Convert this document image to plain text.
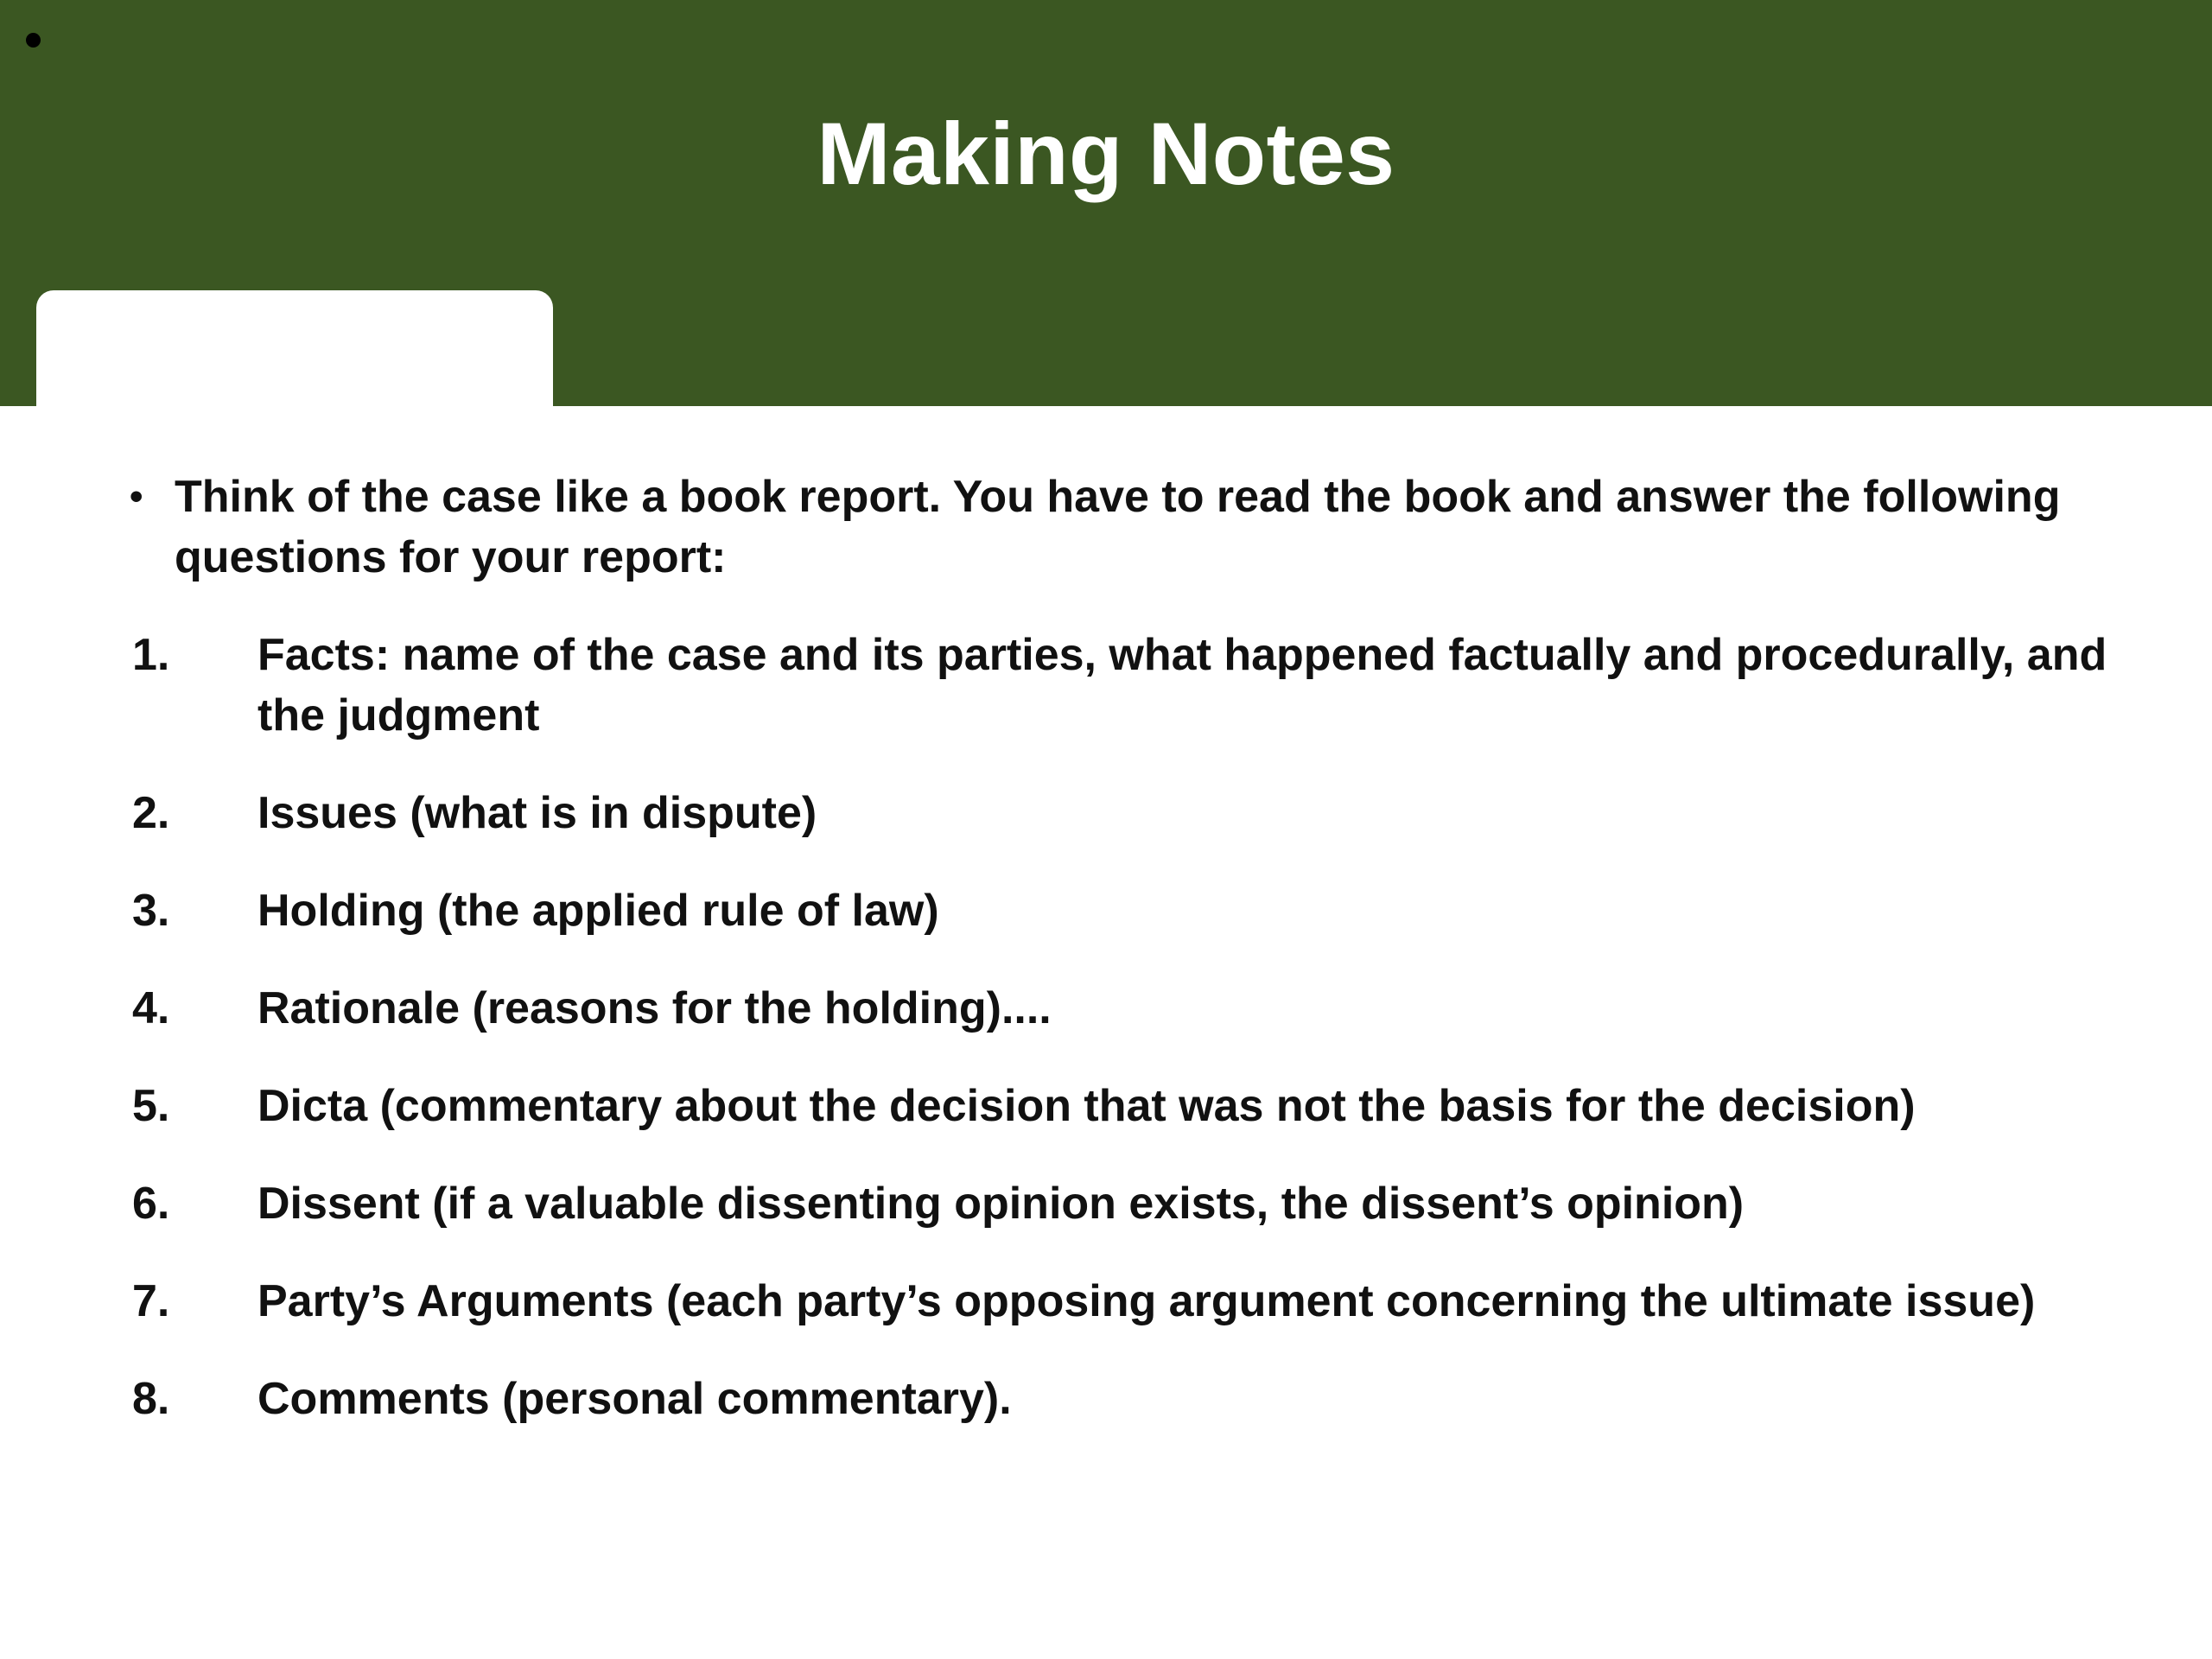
Making Notes
• Think of the case like a book report. You have to read the book and answer the following questions for your report:
1. Facts: name of the case and its parties, what happened factually and procedurally, and the judgment
2. Issues (what is in dispute)
3. Holding (the applied rule of law)
4. Rationale (reasons for the holding)....
5. Dicta (commentary about the decision that was not the basis for the decision)
6. Dissent (if a valuable dissenting opinion exists, the dissent’s opinion)
7. Party’s Arguments (each party’s opposing argument concerning the ultimate issue)
8. Comments (personal commentary).
